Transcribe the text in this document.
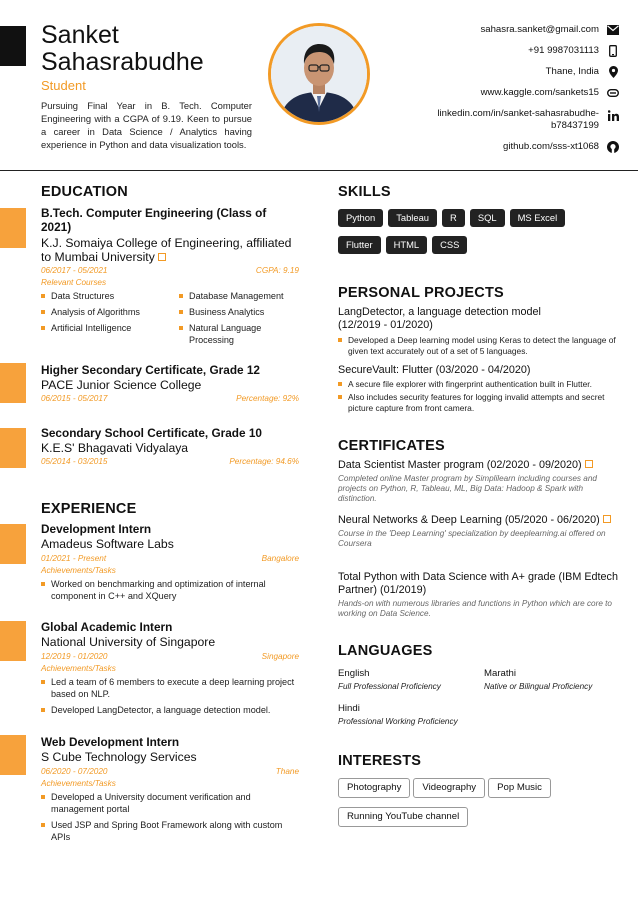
Sanket
Sahasrabudhe
Student
Pursuing Final Year in B. Tech. Computer Engineering with a CGPA of 9.19. Keen to pursue a career in Data Science / Analytics having experience in Python and data visualization tools.
sahasra.sanket@gmail.com
+91 9987031113
Thane, India
www.kaggle.com/sankets15
linkedin.com/in/sanket-sahasrabudhe-b78437199
github.com/sss-xt1068
EDUCATION
B.Tech. Computer Engineering (Class of 2021)
K.J. Somaiya College of Engineering, affiliated to Mumbai University
06/2017 - 05/2021	CGPA: 9.19
Relevant Courses
Data Structures	Database Management
Analysis of Algorithms	Business Analytics
Artificial Intelligence	Natural Language Processing
Higher Secondary Certificate, Grade 12
PACE Junior Science College
06/2015 - 05/2017	Percentage: 92%
Secondary School Certificate, Grade 10
K.E.S' Bhagavati Vidyalaya
05/2014 - 03/2015	Percentage: 94.6%
EXPERIENCE
Development Intern
Amadeus Software Labs
01/2021 - Present	Bangalore
Achievements/Tasks
Worked on benchmarking and optimization of internal component in C++ and XQuery
Global Academic Intern
National University of Singapore
12/2019 - 01/2020	Singapore
Achievements/Tasks
Led a team of 6 members to execute a deep learning project based on NLP.
Developed LangDetector, a language detection model.
Web Development Intern
S Cube Technology Services
06/2020 - 07/2020	Thane
Achievements/Tasks
Developed a University document verification and management portal
Used JSP and Spring Boot Framework along with custom APIs
SKILLS
Python Tableau R SQL MS Excel
Flutter HTML CSS
PERSONAL PROJECTS
LangDetector, a language detection model (12/2019 - 01/2020)
Developed a Deep learning model using Keras to detect the language of given text accurately out of a set of 5 languages.
SecureVault: Flutter (03/2020 - 04/2020)
A secure file explorer with fingerprint authentication built in Flutter.
Also includes security features for logging invalid attempts and secret picture capture from front camera.
CERTIFICATES
Data Scientist Master program (02/2020 - 09/2020)
Completed online Master program by Simplilearn including courses and projects on Python, R, Tableau, ML, Big Data: Hadoop & Spark with distinction.
Neural Networks & Deep Learning (05/2020 - 06/2020)
Course in the 'Deep Learning' specialization by deeplearning.ai offered on Coursera
Total Python with Data Science with A+ grade (IBM Edtech Partner) (01/2019)
Hands-on with numerous libraries and functions in Python which are core to working on Data Science.
LANGUAGES
English
Full Professional Proficiency
Marathi
Native or Bilingual Proficiency
Hindi
Professional Working Proficiency
INTERESTS
Photography Videography Pop Music
Running YouTube channel
